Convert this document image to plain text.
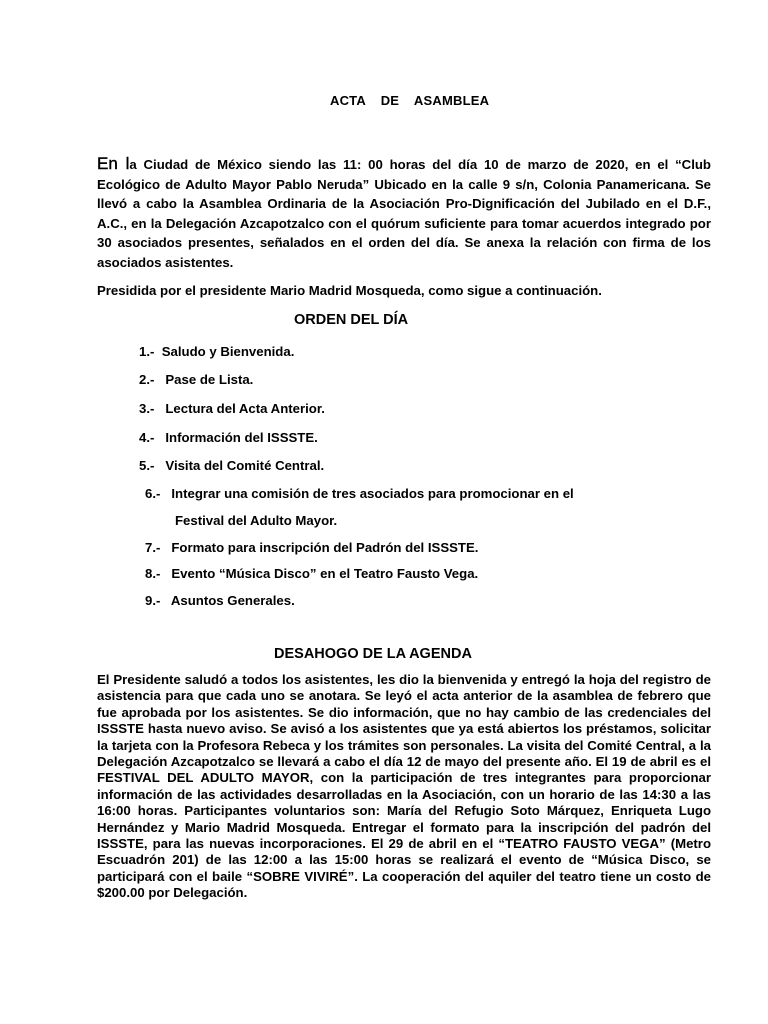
ACTA    DE    ASAMBLEA

En la Ciudad de México siendo las 11: 00 horas del día 10 de marzo de 2020, en el “Club Ecológico de Adulto Mayor Pablo Neruda” Ubicado en la calle 9 s/n, Colonia Panamericana. Se llevó a cabo la Asamblea Ordinaria de la Asociación Pro-Dignificación del Jubilado en el D.F., A.C., en la Delegación Azcapotzalco con el quórum suficiente para tomar acuerdos integrado por 30 asociados presentes, señalados en el orden del día. Se anexa la relación con firma de los asociados asistentes.

Presidida por el presidente Mario Madrid Mosqueda, como sigue a continuación.

ORDEN DEL DÍA
1.-  Saludo y Bienvenida.
2.-   Pase de Lista.
3.-   Lectura del Acta Anterior.
4.-   Información del ISSSTE.
5.-   Visita del Comité Central.
6.-   Integrar una comisión de tres asociados para promocionar en el
Festival del Adulto Mayor.
7.-   Formato para inscripción del Padrón del ISSSTE.
8.-   Evento “Música Disco” en el Teatro Fausto Vega.
9.-   Asuntos Generales.
DESAHOGO DE LA AGENDA

El Presidente saludó a todos los asistentes, les dio la bienvenida y entregó la hoja del registro de asistencia para que cada uno se anotara. Se leyó el acta anterior de la asamblea de febrero que fue aprobada por los asistentes. Se dio información, que no hay cambio de las credenciales del ISSSTE hasta nuevo aviso. Se avisó a los asistentes que ya está abiertos los préstamos, solicitar la tarjeta con la Profesora Rebeca y los trámites son personales. La visita del Comité Central, a la Delegación Azcapotzalco se llevará a cabo el día 12 de mayo del presente año. El 19 de abril es el FESTIVAL DEL ADULTO MAYOR, con la participación de tres integrantes para proporcionar información de las actividades desarrolladas en la Asociación, con un horario de las 14:30 a las 16:00 horas. Participantes voluntarios son: María del Refugio Soto Márquez, Enriqueta Lugo Hernández y Mario Madrid Mosqueda. Entregar el formato para la inscripción del padrón del ISSSTE, para las nuevas incorporaciones. El 29 de abril en el “TEATRO FAUSTO VEGA” (Metro Escuadrón 201) de las 12:00 a las 15:00 horas se realizará el evento de “Música Disco, se participará con el baile “SOBRE VIVIRÉ”. La cooperación del aquiler del teatro tiene un costo de $200.00 por Delegación.
